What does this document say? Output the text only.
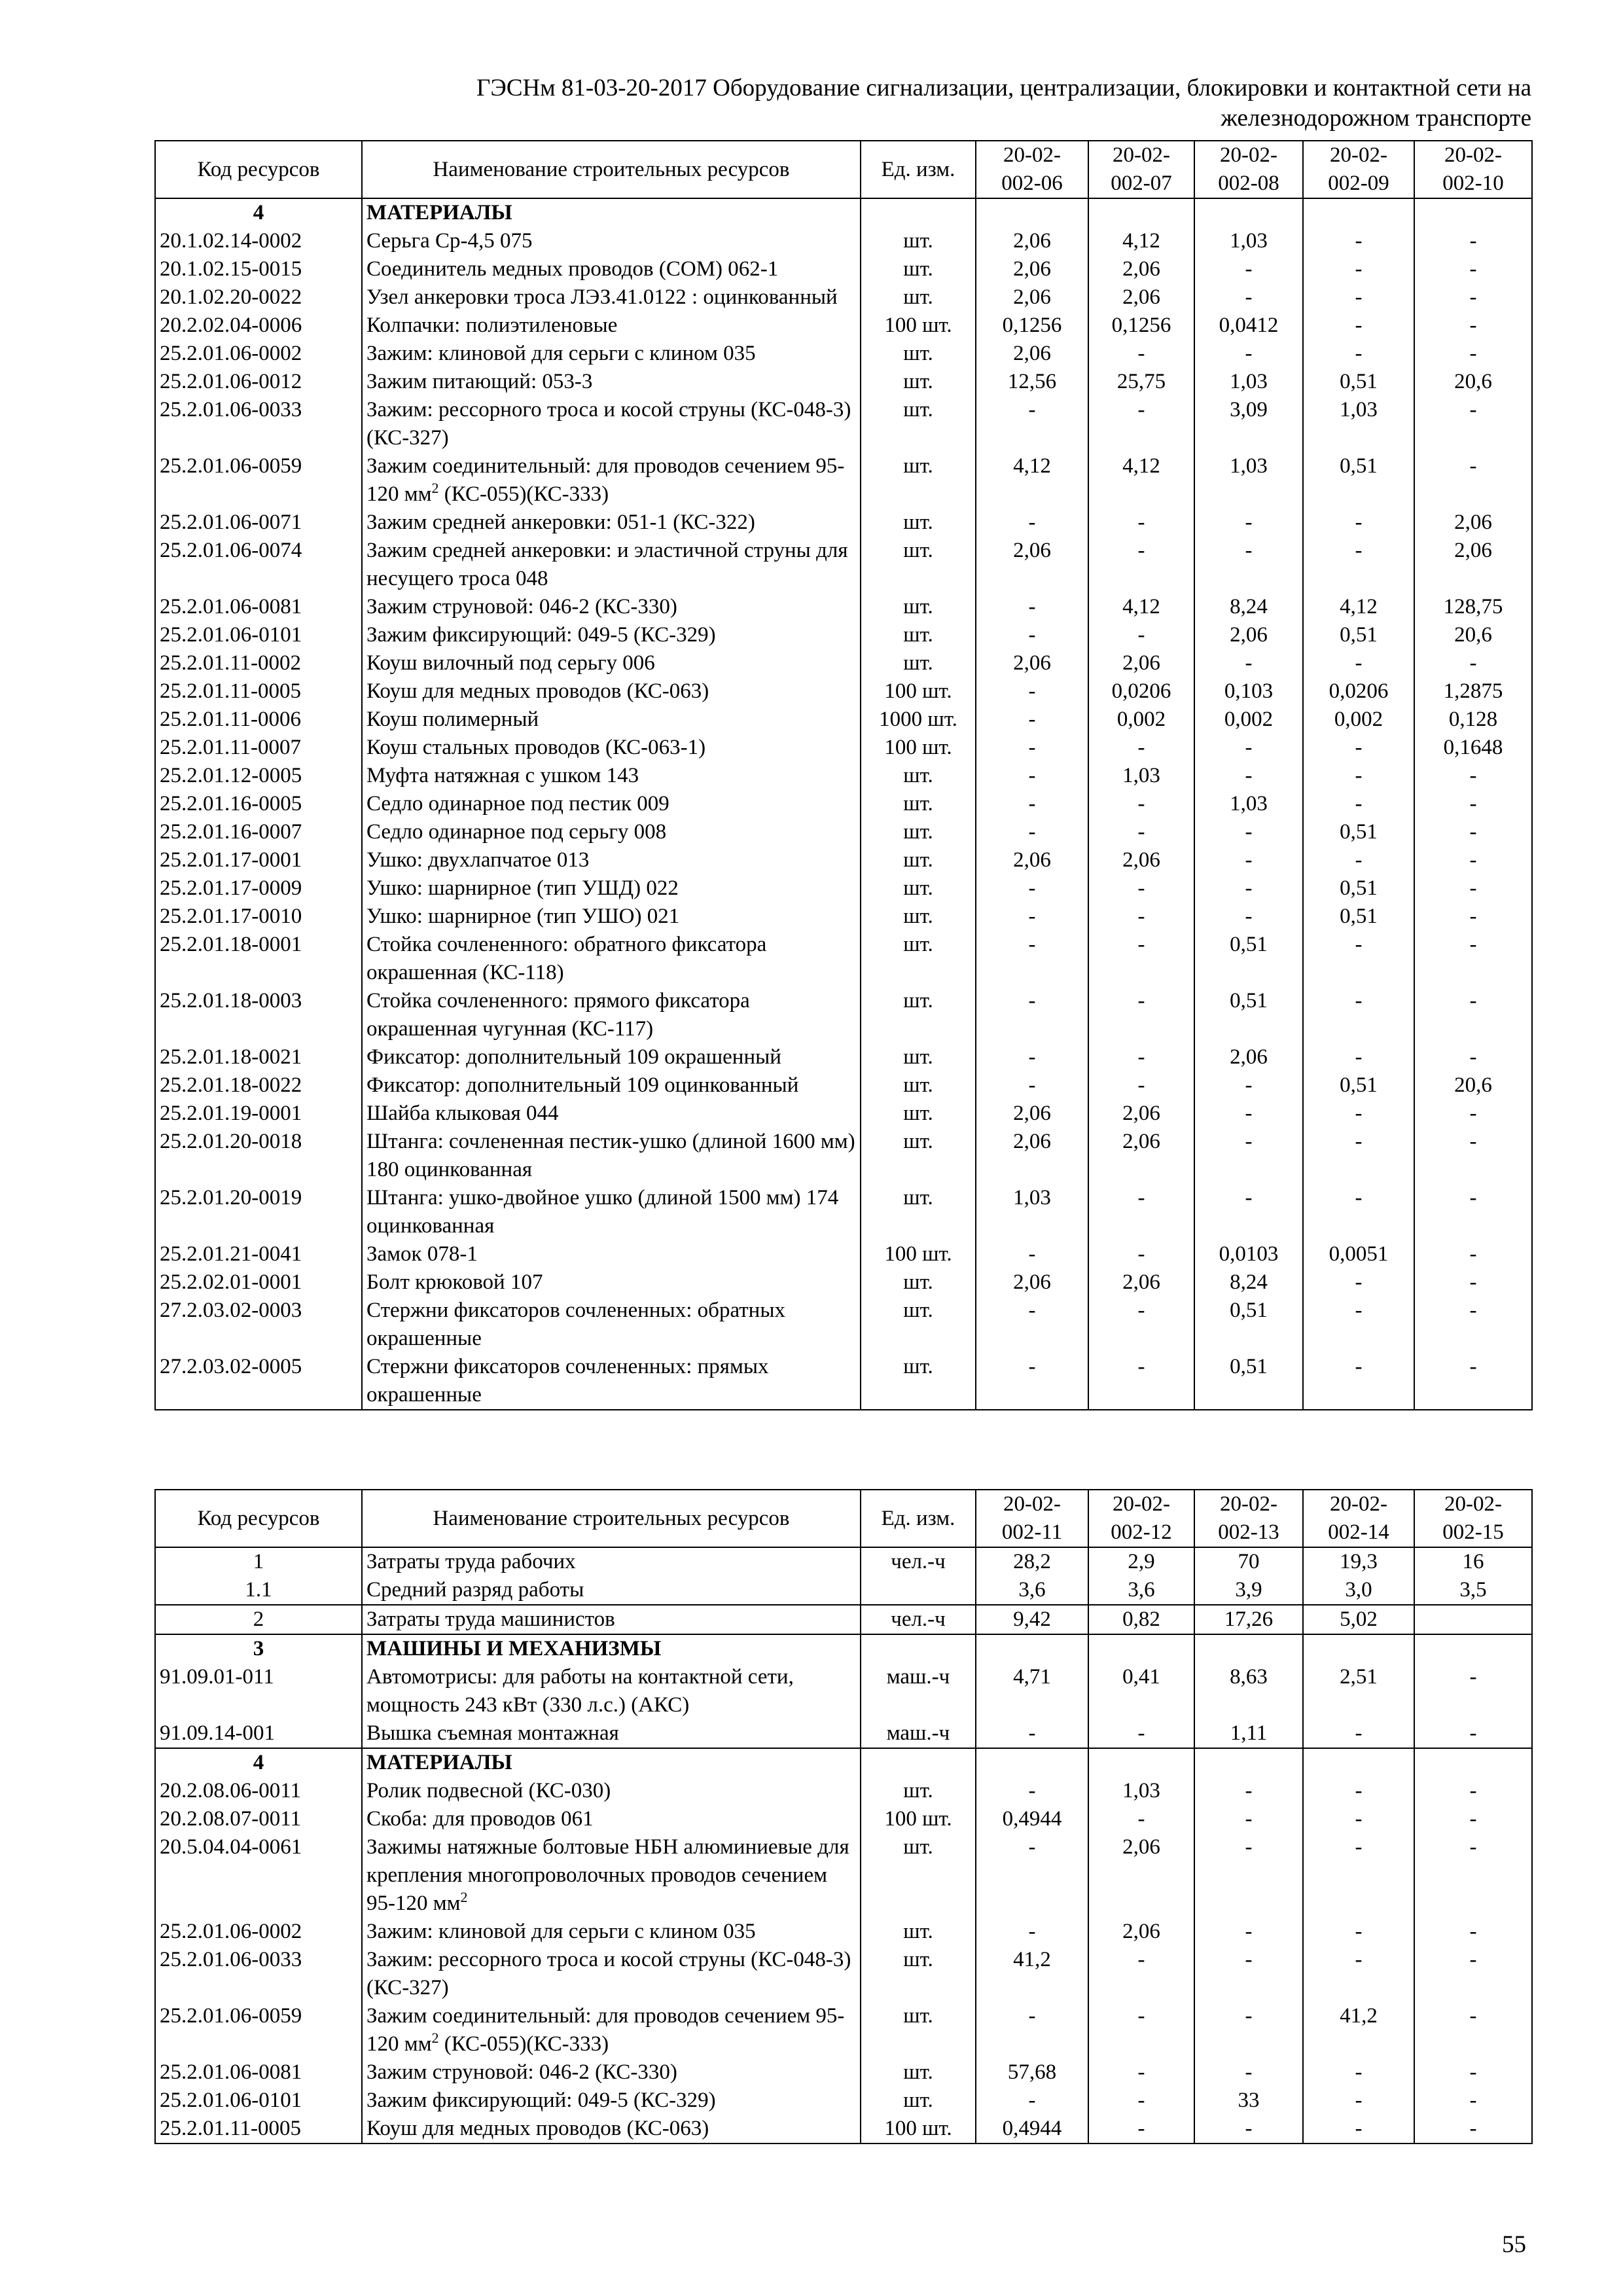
ГЭСНм 81-03-20-2017 Оборудование сигнализации, централизации, блокировки и контактной сети на
железнодорожном транспорте
Код ресурсов	Наименование строительных ресурсов	Ед. изм.	20-02-
002-06	20-02-
002-07	20-02-
002-08	20-02-
002-09	20-02-
002-10
4	МАТЕРИАЛЫ						
20.1.02.14-0002	Серьга Ср-4,5 075	шт.	2,06	4,12	1,03	-	-
20.1.02.15-0015	Соединитель медных проводов (СОМ) 062-1	шт.	2,06	2,06	-	-	-
20.1.02.20-0022	Узел анкеровки троса ЛЭЗ.41.0122 : оцинкованный	шт.	2,06	2,06	-	-	-
20.2.02.04-0006	Колпачки: полиэтиленовые	100 шт.	0,1256	0,1256	0,0412	-	-
25.2.01.06-0002	Зажим: клиновой для серьги с клином 035	шт.	2,06	-	-	-	-
25.2.01.06-0012	Зажим питающий: 053-3	шт.	12,56	25,75	1,03	0,51	20,6
25.2.01.06-0033	Зажим: рессорного троса и косой струны (КС-048-3) (КС-327)	шт.	-	-	3,09	1,03	-
25.2.01.06-0059	Зажим соединительный: для проводов сечением 95-120 $мм^2$ (КС-055)(КС-333)	шт.	4,12	4,12	1,03	0,51	-
25.2.01.06-0071	Зажим средней анкеровки: 051-1 (КС-322)	шт.	-	-	-	-	2,06
25.2.01.06-0074	Зажим средней анкеровки: и эластичной струны для несущего троса 048	шт.	2,06	-	-	-	2,06
25.2.01.06-0081	Зажим струновой: 046-2 (КС-330)	шт.	-	4,12	8,24	4,12	128,75
25.2.01.06-0101	Зажим фиксирующий: 049-5 (КС-329)	шт.	-	-	2,06	0,51	20,6
25.2.01.11-0002	Коуш вилочный под серьгу 006	шт.	2,06	2,06	-	-	-
25.2.01.11-0005	Коуш для медных проводов (КС-063)	100 шт.	-	0,0206	0,103	0,0206	1,2875
25.2.01.11-0006	Коуш полимерный	1000 шт.	-	0,002	0,002	0,002	0,128
25.2.01.11-0007	Коуш стальных проводов (КС-063-1)	100 шт.	-	-	-	-	0,1648
25.2.01.12-0005	Муфта натяжная с ушком 143	шт.	-	1,03	-	-	-
25.2.01.16-0005	Седло одинарное под пестик 009	шт.	-	-	1,03	-	-
25.2.01.16-0007	Седло одинарное под серьгу 008	шт.	-	-	-	0,51	-
25.2.01.17-0001	Ушко: двухлапчатое 013	шт.	2,06	2,06	-	-	-
25.2.01.17-0009	Ушко: шарнирное (тип УШД) 022	шт.	-	-	-	0,51	-
25.2.01.17-0010	Ушко: шарнирное (тип УШО) 021	шт.	-	-	-	0,51	-
25.2.01.18-0001	Стойка сочлененного: обратного фиксатора окрашенная (КС-118)	шт.	-	-	0,51	-	-
25.2.01.18-0003	Стойка сочлененного: прямого фиксатора окрашенная чугунная (КС-117)	шт.	-	-	0,51	-	-
25.2.01.18-0021	Фиксатор: дополнительный 109 окрашенный	шт.	-	-	2,06	-	-
25.2.01.18-0022	Фиксатор: дополнительный 109 оцинкованный	шт.	-	-	-	0,51	20,6
25.2.01.19-0001	Шайба клыковая 044	шт.	2,06	2,06	-	-	-
25.2.01.20-0018	Штанга: сочлененная пестик-ушко (длиной 1600 мм) 180 оцинкованная	шт.	2,06	2,06	-	-	-
25.2.01.20-0019	Штанга: ушко-двойное ушко (длиной 1500 мм) 174 оцинкованная	шт.	1,03	-	-	-	-
25.2.01.21-0041	Замок 078-1	100 шт.	-	-	0,0103	0,0051	-
25.2.02.01-0001	Болт крюковой 107	шт.	2,06	2,06	8,24	-	-
27.2.03.02-0003	Стержни фиксаторов сочлененных: обратных окрашенные	шт.	-	-	0,51	-	-
27.2.03.02-0005	Стержни фиксаторов сочлененных: прямых окрашенные	шт.	-	-	0,51	-	-
Код ресурсов	Наименование строительных ресурсов	Ед. изм.	20-02-
002-11	20-02-
002-12	20-02-
002-13	20-02-
002-14	20-02-
002-15
1	Затраты труда рабочих	чел.-ч	28,2	2,9	70	19,3	16
1.1	Средний разряд работы		3,6	3,6	3,9	3,0	3,5
2	Затраты труда машинистов	чел.-ч	9,42	0,82	17,26	5,02	
3	МАШИНЫ И МЕХАНИЗМЫ						
91.09.01-011	Автомотрисы: для работы на контактной сети, мощность 243 кВт (330 л.с.) (АКС)	маш.-ч	4,71	0,41	8,63	2,51	-
91.09.14-001	Вышка съемная монтажная	маш.-ч	-	-	1,11	-	-
4	МАТЕРИАЛЫ						
20.2.08.06-0011	Ролик подвесной (КС-030)	шт.	-	1,03	-	-	-
20.2.08.07-0011	Скоба: для проводов 061	100 шт.	0,4944	-	-	-	-
20.5.04.04-0061	Зажимы натяжные болтовые НБН алюминиевые для крепления многопроволочных проводов сечением 95-120 $мм^2$	шт.	-	2,06	-	-	-
25.2.01.06-0002	Зажим: клиновой для серьги с клином 035	шт.	-	2,06	-	-	-
25.2.01.06-0033	Зажим: рессорного троса и косой струны (КС-048-3) (КС-327)	шт.	41,2	-	-	-	-
25.2.01.06-0059	Зажим соединительный: для проводов сечением 95-120 $мм^2$ (КС-055)(КС-333)	шт.	-	-	-	41,2	-
25.2.01.06-0081	Зажим струновой: 046-2 (КС-330)	шт.	57,68	-	-	-	-
25.2.01.06-0101	Зажим фиксирующий: 049-5 (КС-329)	шт.	-	-	33	-	-
25.2.01.11-0005	Коуш для медных проводов (КС-063)	100 шт.	0,4944	-	-	-	-
55
